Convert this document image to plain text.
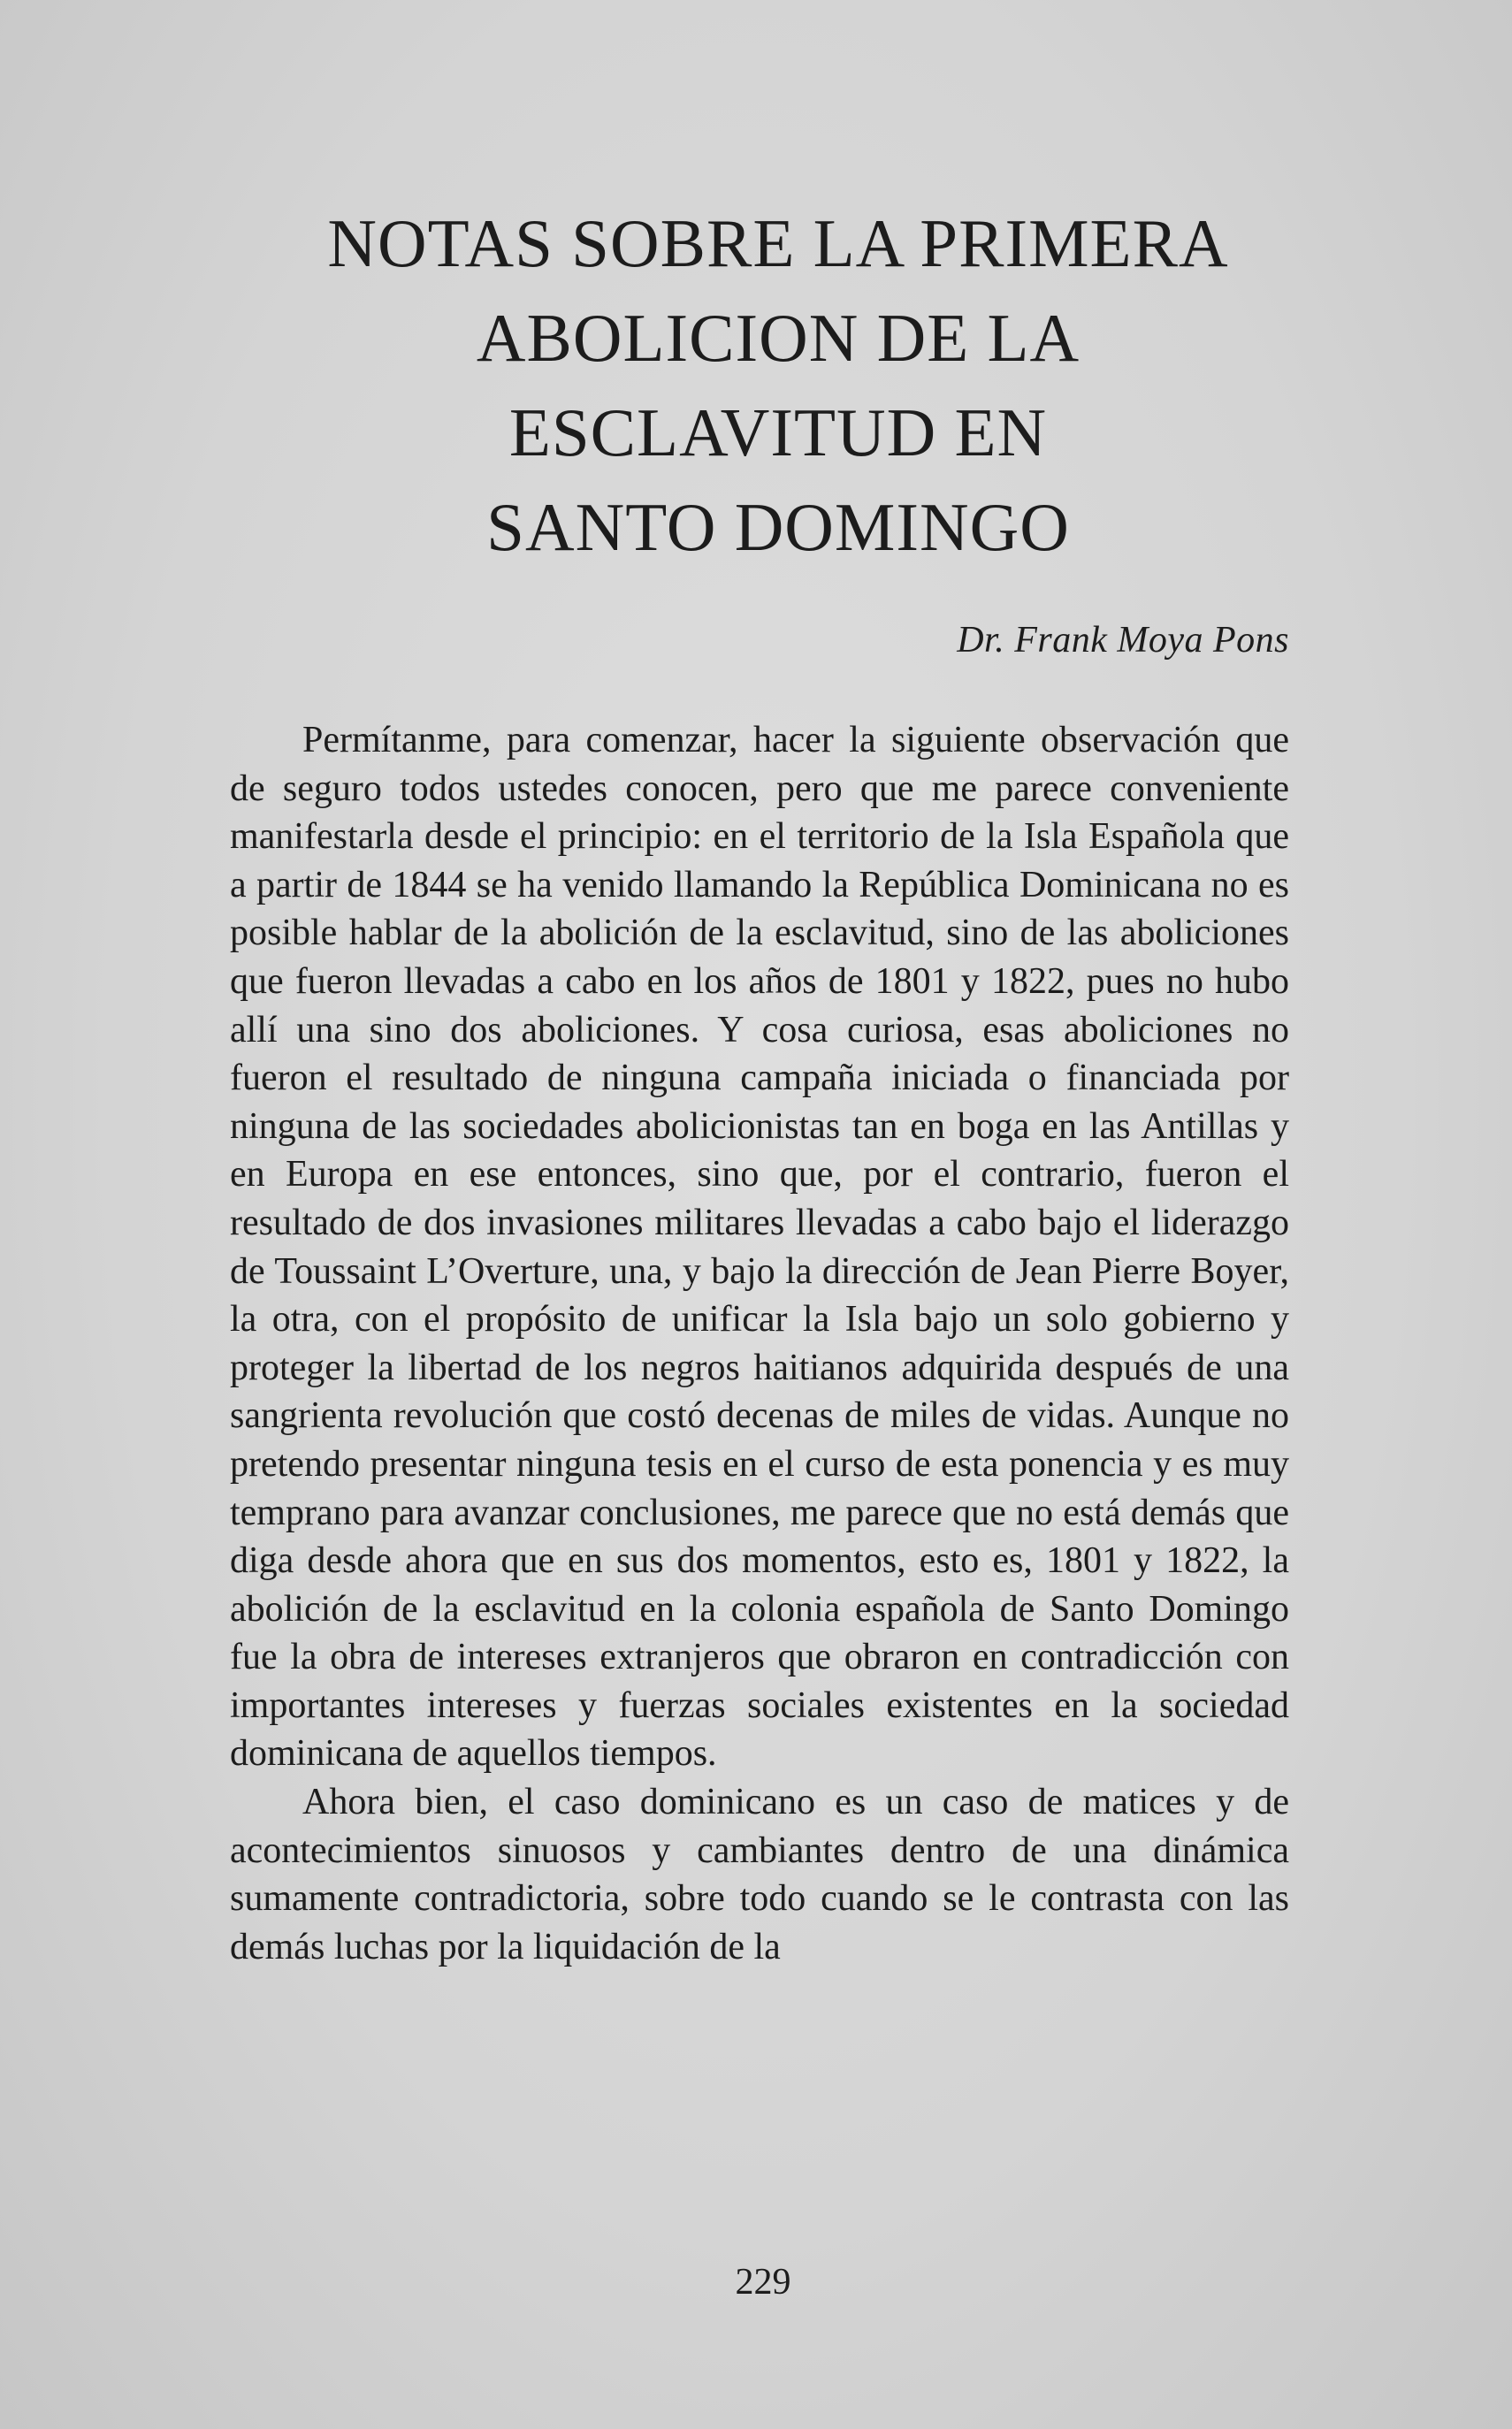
NOTAS SOBRE LA PRIMERA
ABOLICION DE LA
ESCLAVITUD EN
SANTO DOMINGO
Dr. Frank Moya Pons

Permítanme, para comenzar, hacer la siguiente observación que de seguro todos ustedes conocen, pero que me parece conveniente manifestarla desde el principio: en el territorio de la Isla Española que a partir de 1844 se ha venido llamando la República Dominicana no es posible hablar de la abolición de la esclavitud, sino de las aboliciones que fueron llevadas a cabo en los años de 1801 y 1822, pues no hubo allí una sino dos aboliciones. Y cosa curiosa, esas aboliciones no fueron el resultado de ninguna campaña iniciada o financiada por ninguna de las sociedades abolicionistas tan en boga en las Antillas y en Europa en ese entonces, sino que, por el contrario, fueron el resultado de dos invasiones militares llevadas a cabo bajo el liderazgo de Toussaint L’Overture, una, y bajo la dirección de Jean Pierre Boyer, la otra, con el propósito de unificar la Isla bajo un solo gobierno y proteger la libertad de los negros haitianos adquirida después de una sangrienta revolución que costó decenas de miles de vidas. Aunque no pretendo presentar ninguna tesis en el curso de esta ponencia y es muy temprano para avanzar conclusiones, me parece que no está demás que diga desde ahora que en sus dos momentos, esto es, 1801 y 1822, la abolición de la esclavitud en la colonia española de Santo Domingo fue la obra de intereses extranjeros que obraron en contradicción con importantes intereses y fuerzas sociales existentes en la sociedad dominicana de aquellos tiempos.

Ahora bien, el caso dominicano es un caso de matices y de acontecimientos sinuosos y cambiantes dentro de una dinámica sumamente contradictoria, sobre todo cuando se le contrasta con las demás luchas por la liquidación de la

229
